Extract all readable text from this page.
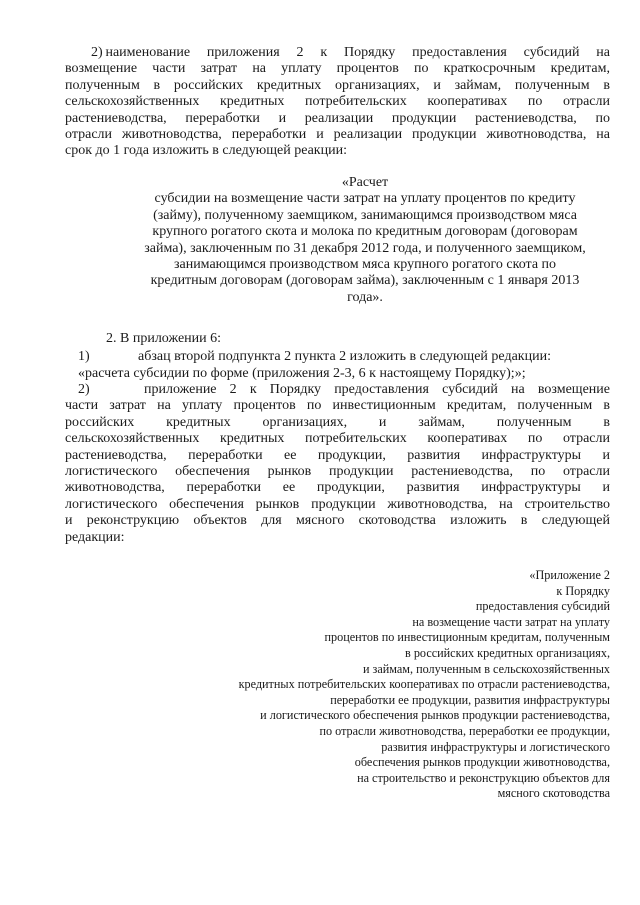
2) наименование приложения 2 к Порядку предоставления субсидий на
возмещение части затрат на уплату процентов по краткосрочным кредитам,
полученным в российских кредитных организациях, и займам, полученным в
сельскохозяйственных кредитных потребительских кооперативах по отрасли
растениеводства, переработки и реализации продукции растениеводства, по
отрасли животноводства, переработки и реализации продукции животноводства, на
срок до 1 года изложить в следующей реакции:
«Расчет
субсидии на возмещение части затрат на уплату процентов по кредиту
(займу), полученному заемщиком, занимающимся производством мяса
крупного рогатого скота и молока по кредитным договорам (договорам
займа), заключенным по 31 декабря 2012 года, и полученного заемщиком,
занимающимся производством мяса крупного рогатого скота по
кредитным договорам (договорам займа), заключенным с 1 января 2013
года».
2. В приложении 6:
1)	абзац второй подпункта 2 пункта 2 изложить в следующей редакции:
«расчета субсидии по форме (приложения 2-3, 6 к настоящему Порядку);»;
2)	приложение 2 к Порядку предоставления субсидий на возмещение
части затрат на уплату процентов по инвестиционным кредитам, полученным в
российских кредитных организациях, и займам, полученным в
сельскохозяйственных кредитных потребительских кооперативах по отрасли
растениеводства, переработки ее продукции, развития инфраструктуры и
логистического обеспечения рынков продукции растениеводства, по отрасли
животноводства, переработки ее продукции, развития инфраструктуры и
логистического обеспечения рынков продукции животноводства, на строительство
и реконструкцию объектов для мясного скотоводства изложить в следующей
редакции:
«Приложение 2
к Порядку
предоставления субсидий
на возмещение части затрат на уплату
процентов по инвестиционным кредитам, полученным
в российских кредитных организациях,
и займам, полученным в сельскохозяйственных
кредитных потребительских кооперативах по отрасли растениеводства,
переработки ее продукции, развития инфраструктуры
и логистического обеспечения рынков продукции растениеводства,
по отрасли животноводства, переработки ее продукции,
развития инфраструктуры и логистического
обеспечения рынков продукции животноводства,
на строительство и реконструкцию объектов для
мясного скотоводства
